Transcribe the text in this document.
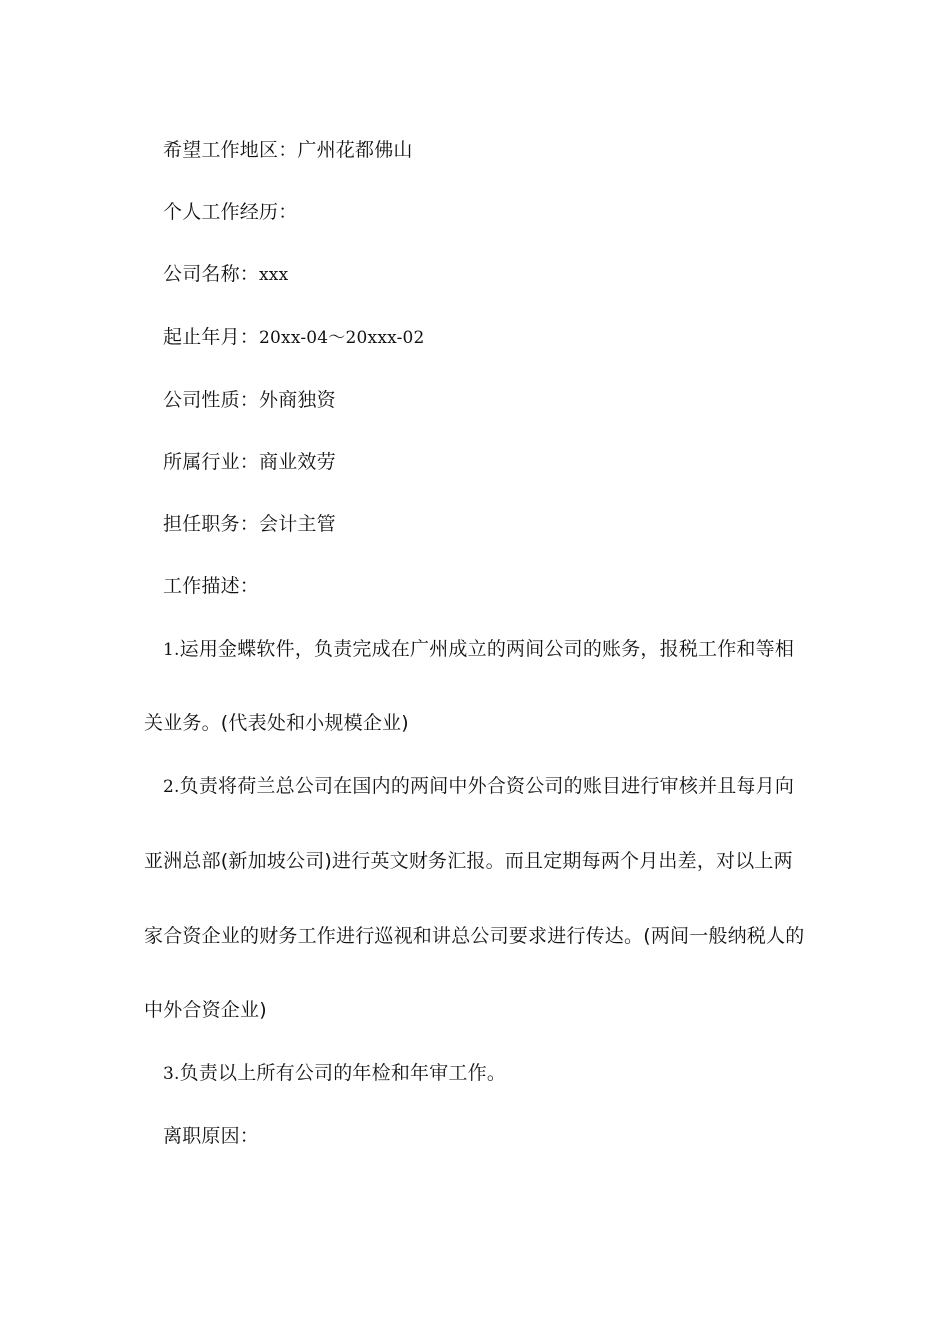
希望工作地区：广州花都佛山
个人工作经历：
公司名称：xxx
起止年月：20xx-04～20xxx-02
公司性质：外商独资
所属行业：商业效劳
担任职务：会计主管
工作描述：
1.运用金蝶软件，负责完成在广州成立的两间公司的账务，报税工作和等相
关业务。(代表处和小规模企业)
2.负责将荷兰总公司在国内的两间中外合资公司的账目进行审核并且每月向
亚洲总部(新加坡公司)进行英文财务汇报。而且定期每两个月出差，对以上两
家合资企业的财务工作进行巡视和讲总公司要求进行传达。(两间一般纳税人的
中外合资企业)
3.负责以上所有公司的年检和年审工作。
离职原因：
